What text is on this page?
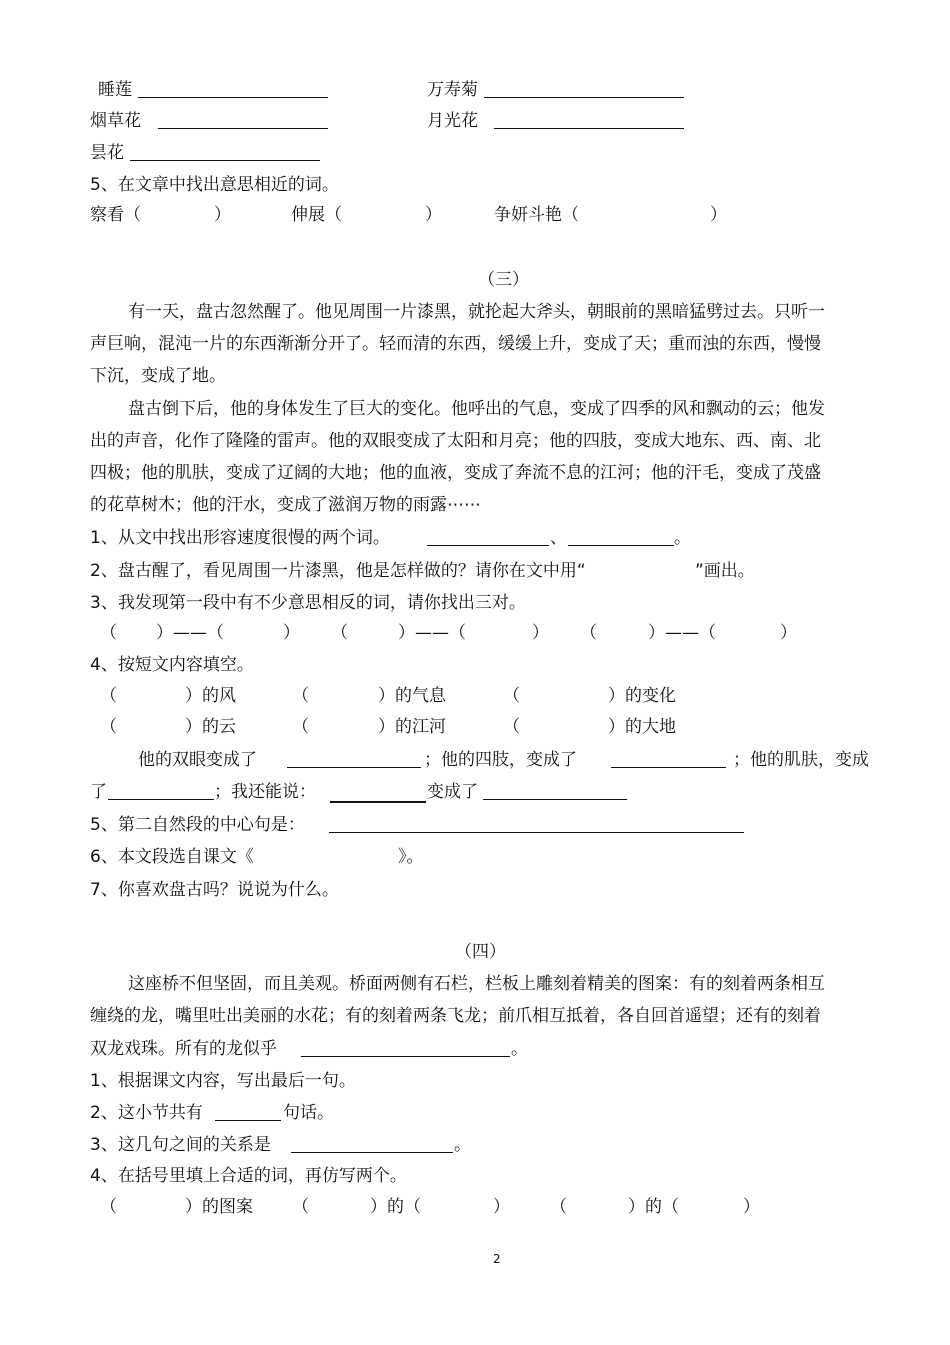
睡莲	万寿菊
烟草花	月光花
昙花
5、在文章中找出意思相近的词。
察看（	）	伸展（	）	争妍斗艳（	）
（三）
有一天，盘古忽然醒了。他见周围一片漆黑，就抡起大斧头，朝眼前的黑暗猛劈过去。只听一
声巨响，混沌一片的东西渐渐分开了。轻而清的东西，缓缓上升，变成了天；重而浊的东西，慢慢
下沉，变成了地。
盘古倒下后，他的身体发生了巨大的变化。他呼出的气息，变成了四季的风和飘动的云；他发
出的声音，化作了隆隆的雷声。他的双眼变成了太阳和月亮；他的四肢，变成大地东、西、南、北
四极；他的肌肤，变成了辽阔的大地；他的血液，变成了奔流不息的江河；他的汗毛，变成了茂盛
的花草树木；他的汗水，变成了滋润万物的雨露⋯⋯
1、从文中找出形容速度很慢的两个词。	、	。
2、盘古醒了，看见周围一片漆黑，他是怎样做的？请你在文中用“	”画出。
3、我发现第一段中有不少意思相反的词，请你找出三对。
（ ）——（	） （	）——（	） （	）——（	）
4、按短文内容填空。
（	）的风	（	）的气息	（	）的变化
（	）的云	（	）的江河	（	）的大地
他的双眼变成了	；他的四肢，变成了	；他的肌肤，变成
了	；我还能说：	变成了
5、第二自然段的中心句是：
6、本文段选自课文《	》。
7、你喜欢盘古吗？说说为什么。
（四）
这座桥不但坚固，而且美观。桥面两侧有石栏，栏板上雕刻着精美的图案：有的刻着两条相互
缠绕的龙，嘴里吐出美丽的水花；有的刻着两条飞龙；前爪相互抵着，各自回首遥望；还有的刻着
双龙戏珠。所有的龙似乎	。
1、根据课文内容，写出最后一句。
2、这小节共有	句话。
3、这几句之间的关系是	。
4、在括号里填上合适的词，再仿写两个。
（	）的图案 （	）的（	） （	）的（	）
2
